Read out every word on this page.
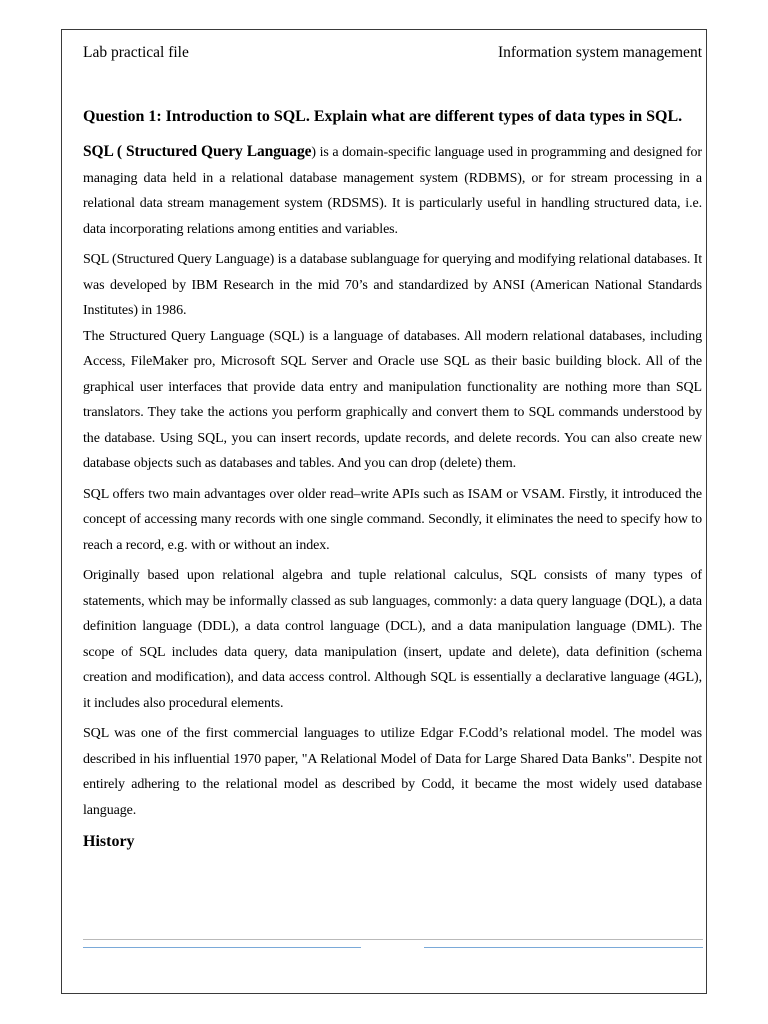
Lab practical file	Information system management
Question 1: Introduction to SQL. Explain what are different types of data types in SQL.

SQL ( Structured Query Language) is a domain-specific language used in programming and designed for managing data held in a relational database management system (RDBMS), or for stream processing in a relational data stream management system (RDSMS). It is particularly useful in handling structured data, i.e. data incorporating relations among entities and variables.

SQL (Structured Query Language) is a database sublanguage for querying and modifying relational databases. It was developed by IBM Research in the mid 70’s and standardized by ANSI (American National Standards Institutes) in 1986.

The Structured Query Language (SQL) is a language of databases. All modern relational databases, including Access, FileMaker pro, Microsoft SQL Server and Oracle use SQL as their basic building block. All of the graphical user interfaces that provide data entry and manipulation functionality are nothing more than SQL translators. They take the actions you perform graphically and convert them to SQL commands understood by the database. Using SQL, you can insert records, update records, and delete records. You can also create new database objects such as databases and tables. And you can drop (delete) them.

SQL offers two main advantages over older read–write APIs such as ISAM or VSAM. Firstly, it introduced the concept of accessing many records with one single command. Secondly, it eliminates the need to specify how to reach a record, e.g. with or without an index.

Originally based upon relational algebra and tuple relational calculus, SQL consists of many types of statements, which may be informally classed as sub languages, commonly: a data query language (DQL), a data definition language (DDL), a data control language (DCL), and a data manipulation language (DML). The scope of SQL includes data query, data manipulation (insert, update and delete), data definition (schema creation and modification), and data access control. Although SQL is essentially a declarative language (4GL), it includes also procedural elements.

SQL was one of the first commercial languages to utilize Edgar F.Codd’s relational model. The model was described in his influential 1970 paper, "A Relational Model of Data for Large Shared Data Banks". Despite not entirely adhering to the relational model as described by Codd, it became the most widely used database language.

History
